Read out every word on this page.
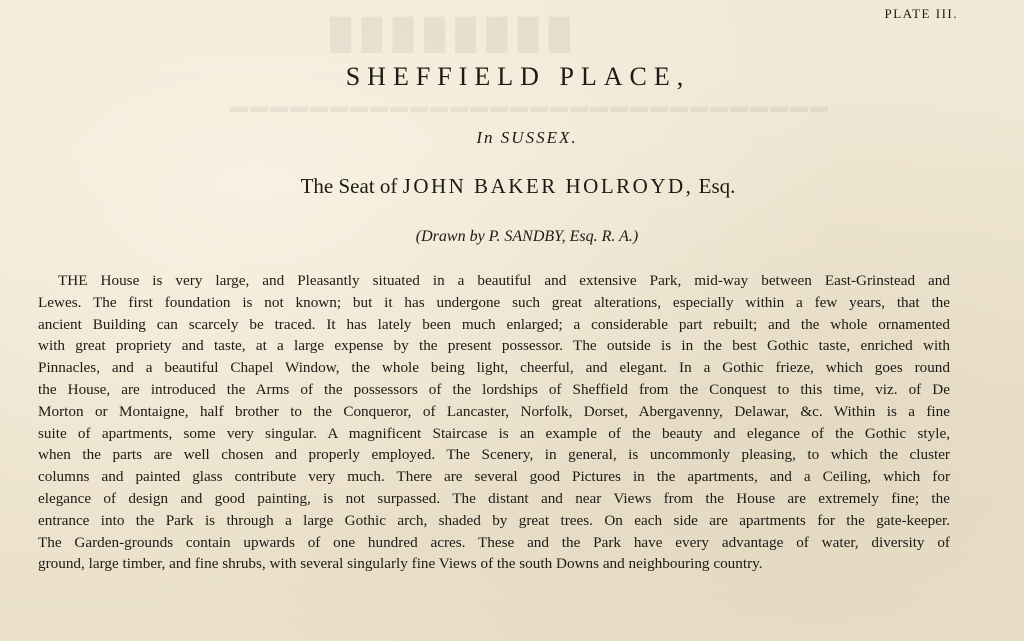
████████
▬▬▬▬▬▬▬▬▬▬▬▬▬▬▬▬▬▬▬▬▬▬▬▬▬▬▬▬▬▬
PLATE III.
SHEFFIELD PLACE,
In SUSSEX.
The Seat of JOHN BAKER HOLROYD, Esq.
(Drawn by P. SANDBY, Esq. R. A.)
THE House is very large, and Pleasantly situated in a beautiful and extensive Park, mid-way between East-Grinstead and
Lewes. The first foundation is not known; but it has undergone such great alterations, especially within a few years, that the
ancient Building can scarcely be traced. It has lately been much enlarged; a considerable part rebuilt; and the whole ornamented
with great propriety and taste, at a large expense by the present possessor. The outside is in the best Gothic taste, enriched with
Pinnacles, and a beautiful Chapel Window, the whole being light, cheerful, and elegant. In a Gothic frieze, which goes round
the House, are introduced the Arms of the possessors of the lordships of Sheffield from the Conquest to this time, viz. of De
Morton or Montaigne, half brother to the Conqueror, of Lancaster, Norfolk, Dorset, Abergavenny, Delawar, &c. Within is a fine
suite of apartments, some very singular. A magnificent Staircase is an example of the beauty and elegance of the Gothic style,
when the parts are well chosen and properly employed. The Scenery, in general, is uncommonly pleasing, to which the cluster
columns and painted glass contribute very much. There are several good Pictures in the apartments, and a Ceiling, which for
elegance of design and good painting, is not surpassed. The distant and near Views from the House are extremely fine; the
entrance into the Park is through a large Gothic arch, shaded by great trees. On each side are apartments for the gate-keeper.
The Garden-grounds contain upwards of one hundred acres. These and the Park have every advantage of water, diversity of
ground, large timber, and fine shrubs, with several singularly fine Views of the south Downs and neighbouring country.
